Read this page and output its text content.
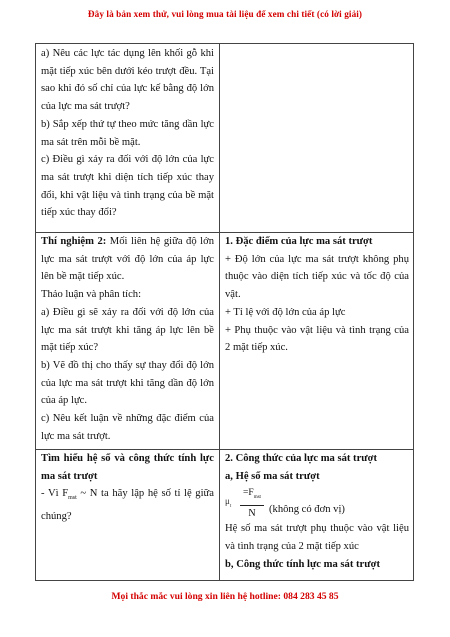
Đây là bản xem thử, vui lòng mua tài liệu để xem chi tiết (có lời giải)

a) Nêu các lực tác dụng lên khối gỗ khi mặt tiếp xúc bên dưới kéo trượt đều. Tại sao khi đó số chỉ của lực kế bằng độ lớn của lực ma sát trượt?

b) Sắp xếp thứ tự theo mức tăng dần lực ma sát trên mỗi bề mặt.

c) Điều gì xảy ra đối với độ lớn của lực ma sát trượt khi diện tích tiếp xúc thay đổi, khi vật liệu và tình trạng của bề mặt tiếp xúc thay đổi?

Thí nghiệm 2: Mối liên hệ giữa độ lớn lực ma sát trượt với độ lớn của áp lực lên bề mặt tiếp xúc.

Thảo luận và phân tích:

a) Điều gì sẽ xảy ra đối với độ lớn của lực ma sát trượt khi tăng áp lực lên bề mặt tiếp xúc?

b) Vẽ đồ thị cho thấy sự thay đổi độ lớn của lực ma sát trượt khi tăng dần độ lớn của áp lực.

c) Nêu kết luận về những đặc điểm của lực ma sát trượt.

1. Đặc điểm của lực ma sát trượt

+ Độ lớn của lực ma sát trượt không phụ thuộc vào diện tích tiếp xúc và tốc độ của vật.

+ Tỉ lệ với độ lớn của áp lực

+ Phụ thuộc vào vật liệu và tình trạng của 2 mặt tiếp xúc.

Tìm hiểu hệ số và công thức tính lực ma sát trượt

- Vì $F_{mst}$ ~ N ta hãy lập hệ số tỉ lệ giữa chúng?

2. Công thức của lực ma sát trượt

a, Hệ số ma sát trượt

$\mu_t$
$=F_{mst}$
N	(không có đơn vị)

Hệ số ma sát trượt phụ thuộc vào vật liệu và tình trạng của 2 mặt tiếp xúc

b, Công thức tính lực ma sát trượt

Mọi thắc mắc vui lòng xin liên hệ hotline: 084 283 45 85
